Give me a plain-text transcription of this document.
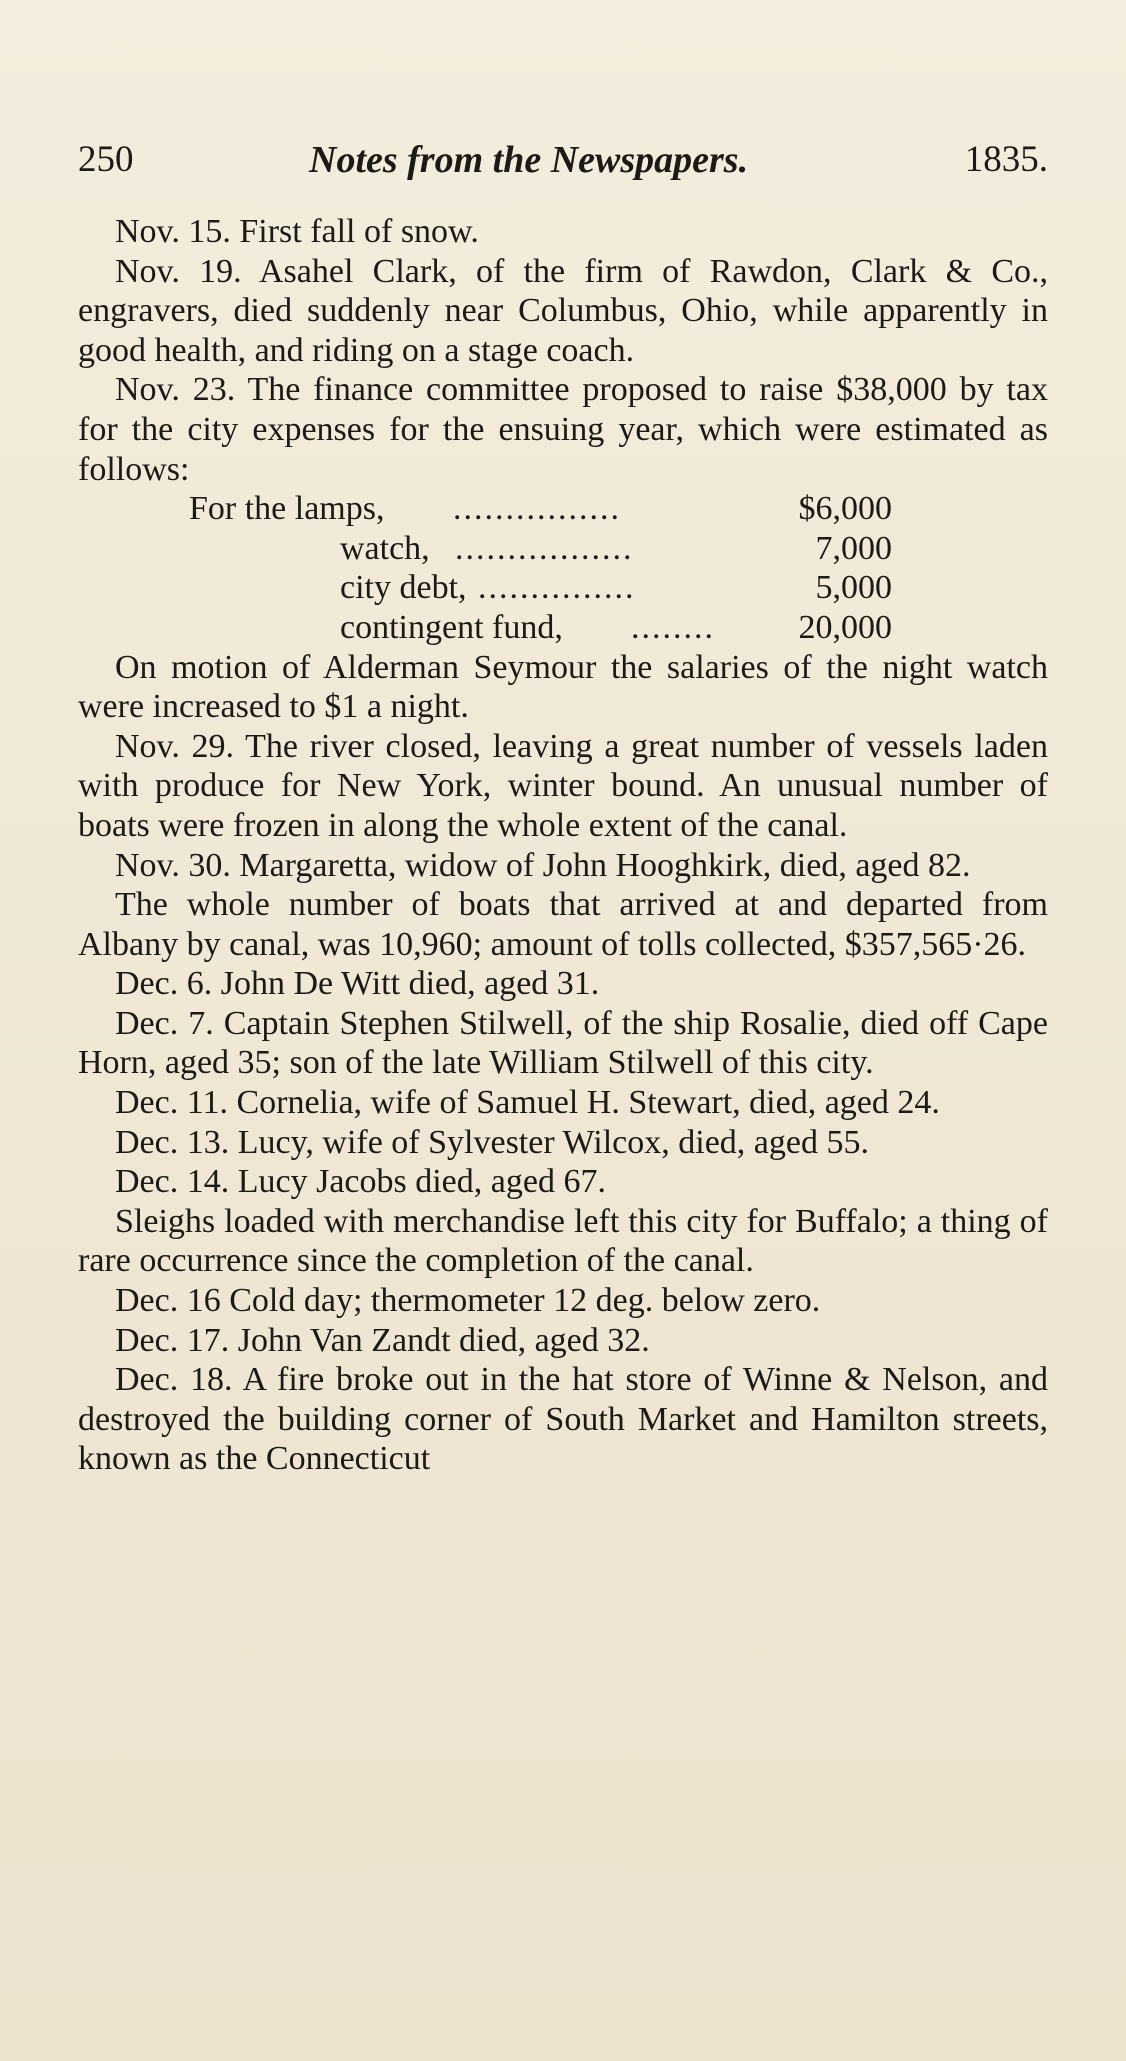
250	Notes from the Newspapers.	1835.

Nov. 15. First fall of snow.

Nov. 19. Asahel Clark, of the firm of Rawdon, Clark & Co., engravers, died suddenly near Columbus, Ohio, while apparently in good health, and riding on a stage coach.

Nov. 23. The finance committee proposed to raise $38,000 by tax for the city expenses for the ensuing year, which were estimated as follows:

For the lamps, ................	$6,000
watch, .................	7,000
city debt, ...............	5,000
contingent fund, ........ 20,000

On motion of Alderman Seymour the salaries of the night watch were increased to $1 a night.

Nov. 29. The river closed, leaving a great number of vessels laden with produce for New York, winter bound. An unusual number of boats were frozen in along the whole extent of the canal.

Nov. 30. Margaretta, widow of John Hooghkirk, died, aged 82.

The whole number of boats that arrived at and departed from Albany by canal, was 10,960; amount of tolls collected, $357,565·26.

Dec. 6. John De Witt died, aged 31.

Dec. 7. Captain Stephen Stilwell, of the ship Rosalie, died off Cape Horn, aged 35; son of the late William Stilwell of this city.

Dec. 11. Cornelia, wife of Samuel H. Stewart, died, aged 24.

Dec. 13. Lucy, wife of Sylvester Wilcox, died, aged 55.

Dec. 14. Lucy Jacobs died, aged 67.

Sleighs loaded with merchandise left this city for Buffalo; a thing of rare occurrence since the completion of the canal.

Dec. 16 Cold day; thermometer 12 deg. below zero.

Dec. 17. John Van Zandt died, aged 32.

Dec. 18. A fire broke out in the hat store of Winne & Nelson, and destroyed the building corner of South Market and Hamilton streets, known as the Connecticut
